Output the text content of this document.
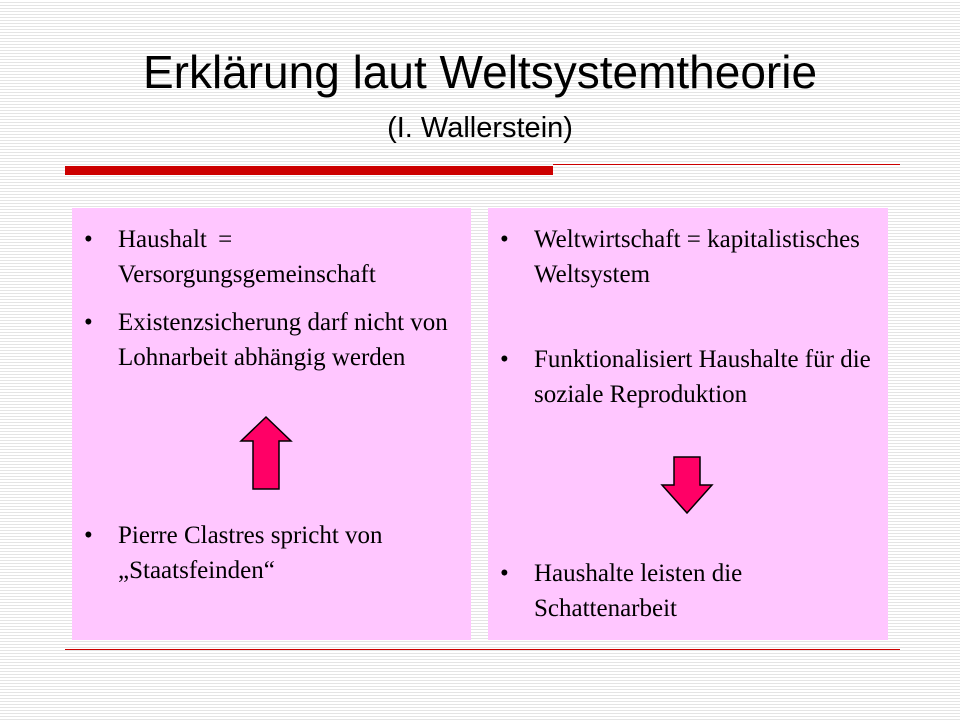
Erklärung laut Weltsystemtheorie
(I. Wallerstein)
• Haushalt = Versorgungsgemeinschaft
• Existenzsicherung darf nicht von Lohnarbeit abhängig werden
• Pierre Clastres spricht von „Staatsfeinden“
• Weltwirtschaft = kapitalistisches Weltsystem
• Funktionalisiert Haushalte für die soziale Reproduktion
• Haushalte leisten die Schattenarbeit
